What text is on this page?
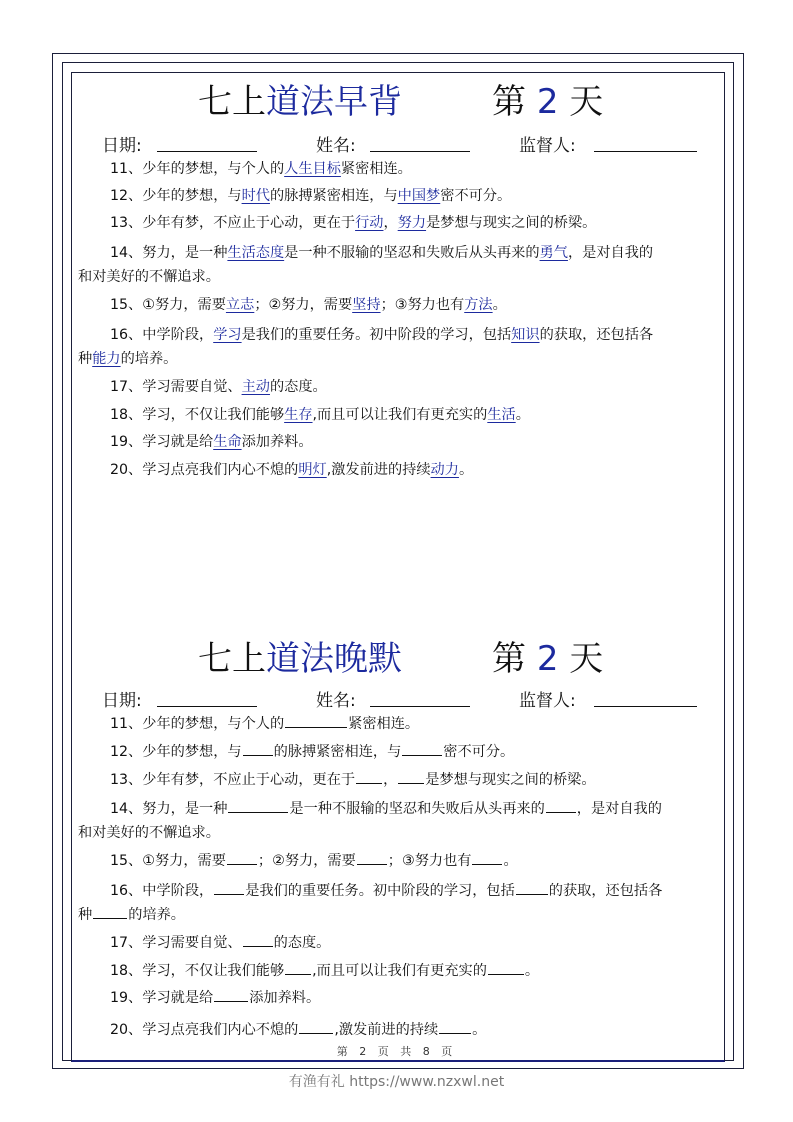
七上道法早背	第 2 天
日期:	姓名:	监督人:
11、少年的梦想，与个人的人生目标紧密相连。
12、少年的梦想，与时代的脉搏紧密相连，与中国梦密不可分。
13、少年有梦，不应止于心动，更在于行动，努力是梦想与现实之间的桥梁。
14、努力，是一种生活态度是一种不服输的坚忍和失败后从头再来的勇气，是对自我的
和对美好的不懈追求。
15、①努力，需要立志；②努力，需要坚持；③努力也有方法。
16、中学阶段，学习是我们的重要任务。初中阶段的学习，包括知识的获取，还包括各
种能力的培养。
17、学习需要自觉、主动的态度。
18、学习，不仅让我们能够生存,而且可以让我们有更充实的生活。
19、学习就是给生命添加养料。
20、学习点亮我们内心不熄的明灯,激发前进的持续动力。
七上道法晚默	第 2 天
日期:	姓名:	监督人:
11、少年的梦想，与个人的	紧密相连。
12、少年的梦想，与 的脉搏紧密相连，与	密不可分。
13、少年有梦，不应止于心动，更在于 ， 是梦想与现实之间的桥梁。
14、努力，是一种	是一种不服输的坚忍和失败后从头再来的 ，是对自我的
和对美好的不懈追求。
15、①努力，需要 ；②努力，需要 ；③努力也有 。
16、中学阶段， 是我们的重要任务。初中阶段的学习，包括 的获取，还包括各
种	的培养。
17、学习需要自觉、 的态度。
18、学习，不仅让我们能够 ,而且可以让我们有更充实的	。
19、学习就是给	添加养料。
20、学习点亮我们内心不熄的	,激发前进的持续 。
第 2 页 共 8 页
有渔有礼 https://www.nzxwl.net
